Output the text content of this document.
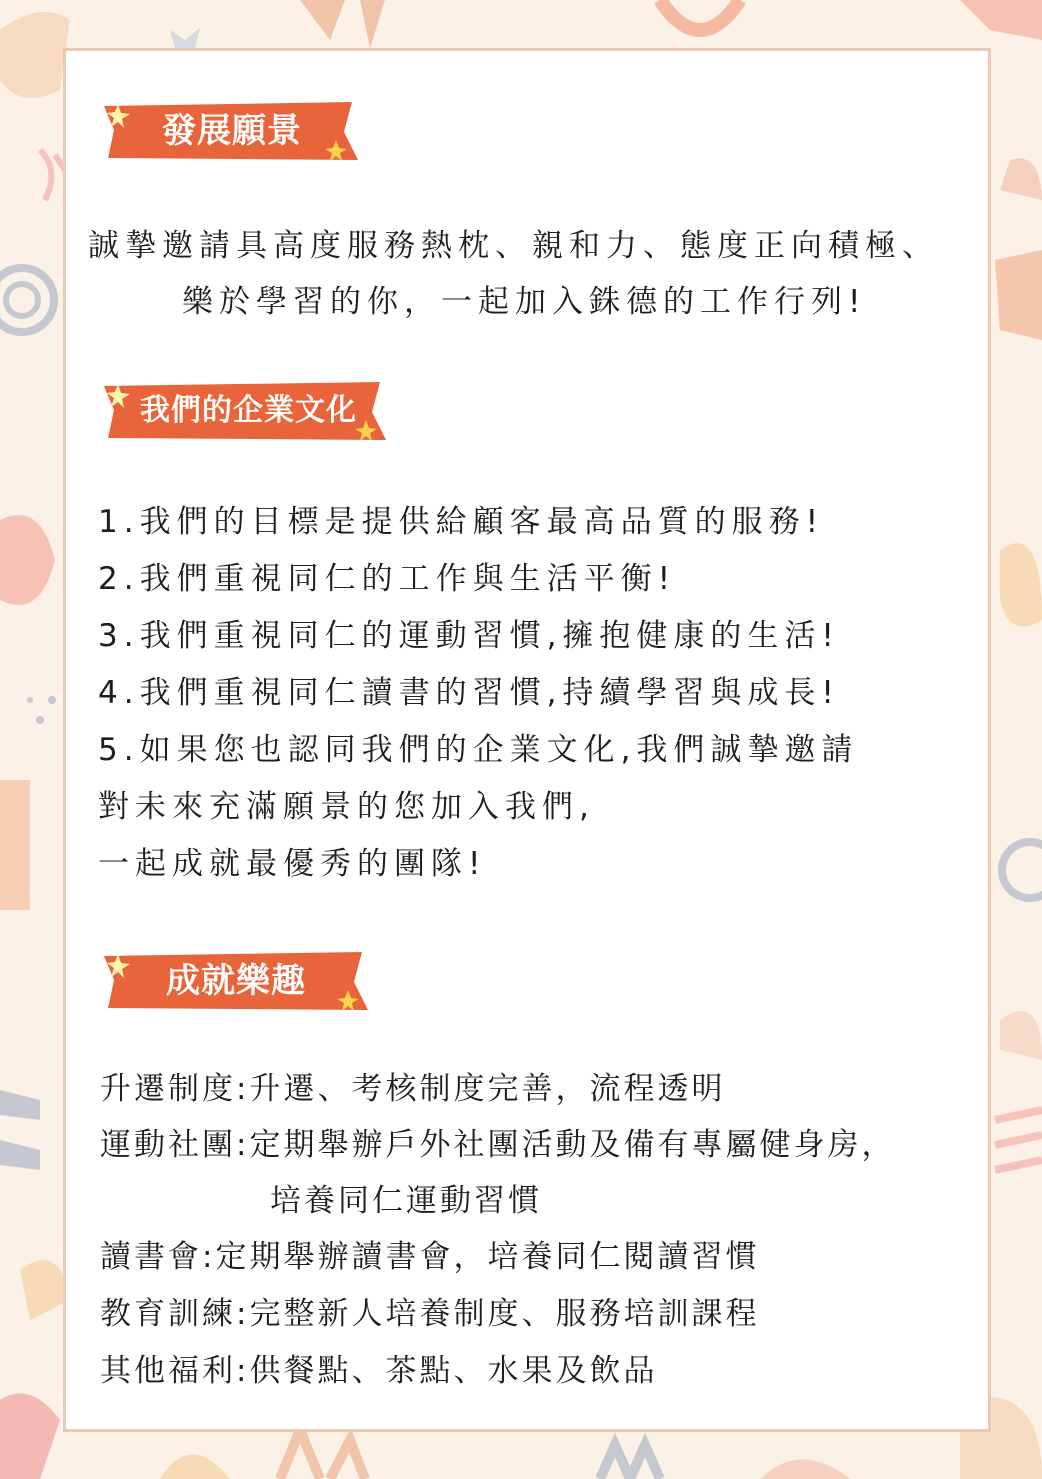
發展願景
誠摯邀請具高度服務熱枕、親和力、態度正向積極、
樂於學習的你，一起加入銖德的工作行列!
我們的企業文化
1.我們的目標是提供給顧客最高品質的服務!
2.我們重視同仁的工作與生活平衡!
3.我們重視同仁的運動習慣,擁抱健康的生活!
4.我們重視同仁讀書的習慣,持續學習與成長!
5.如果您也認同我們的企業文化,我們誠摯邀請
對未來充滿願景的您加入我們,
一起成就最優秀的團隊!
成就樂趣
升遷制度:升遷、考核制度完善，流程透明
運動社團:定期舉辦戶外社團活動及備有專屬健身房，
培養同仁運動習慣
讀書會:定期舉辦讀書會，培養同仁閱讀習慣
教育訓練:完整新人培養制度、服務培訓課程
其他福利:供餐點、茶點、水果及飲品
